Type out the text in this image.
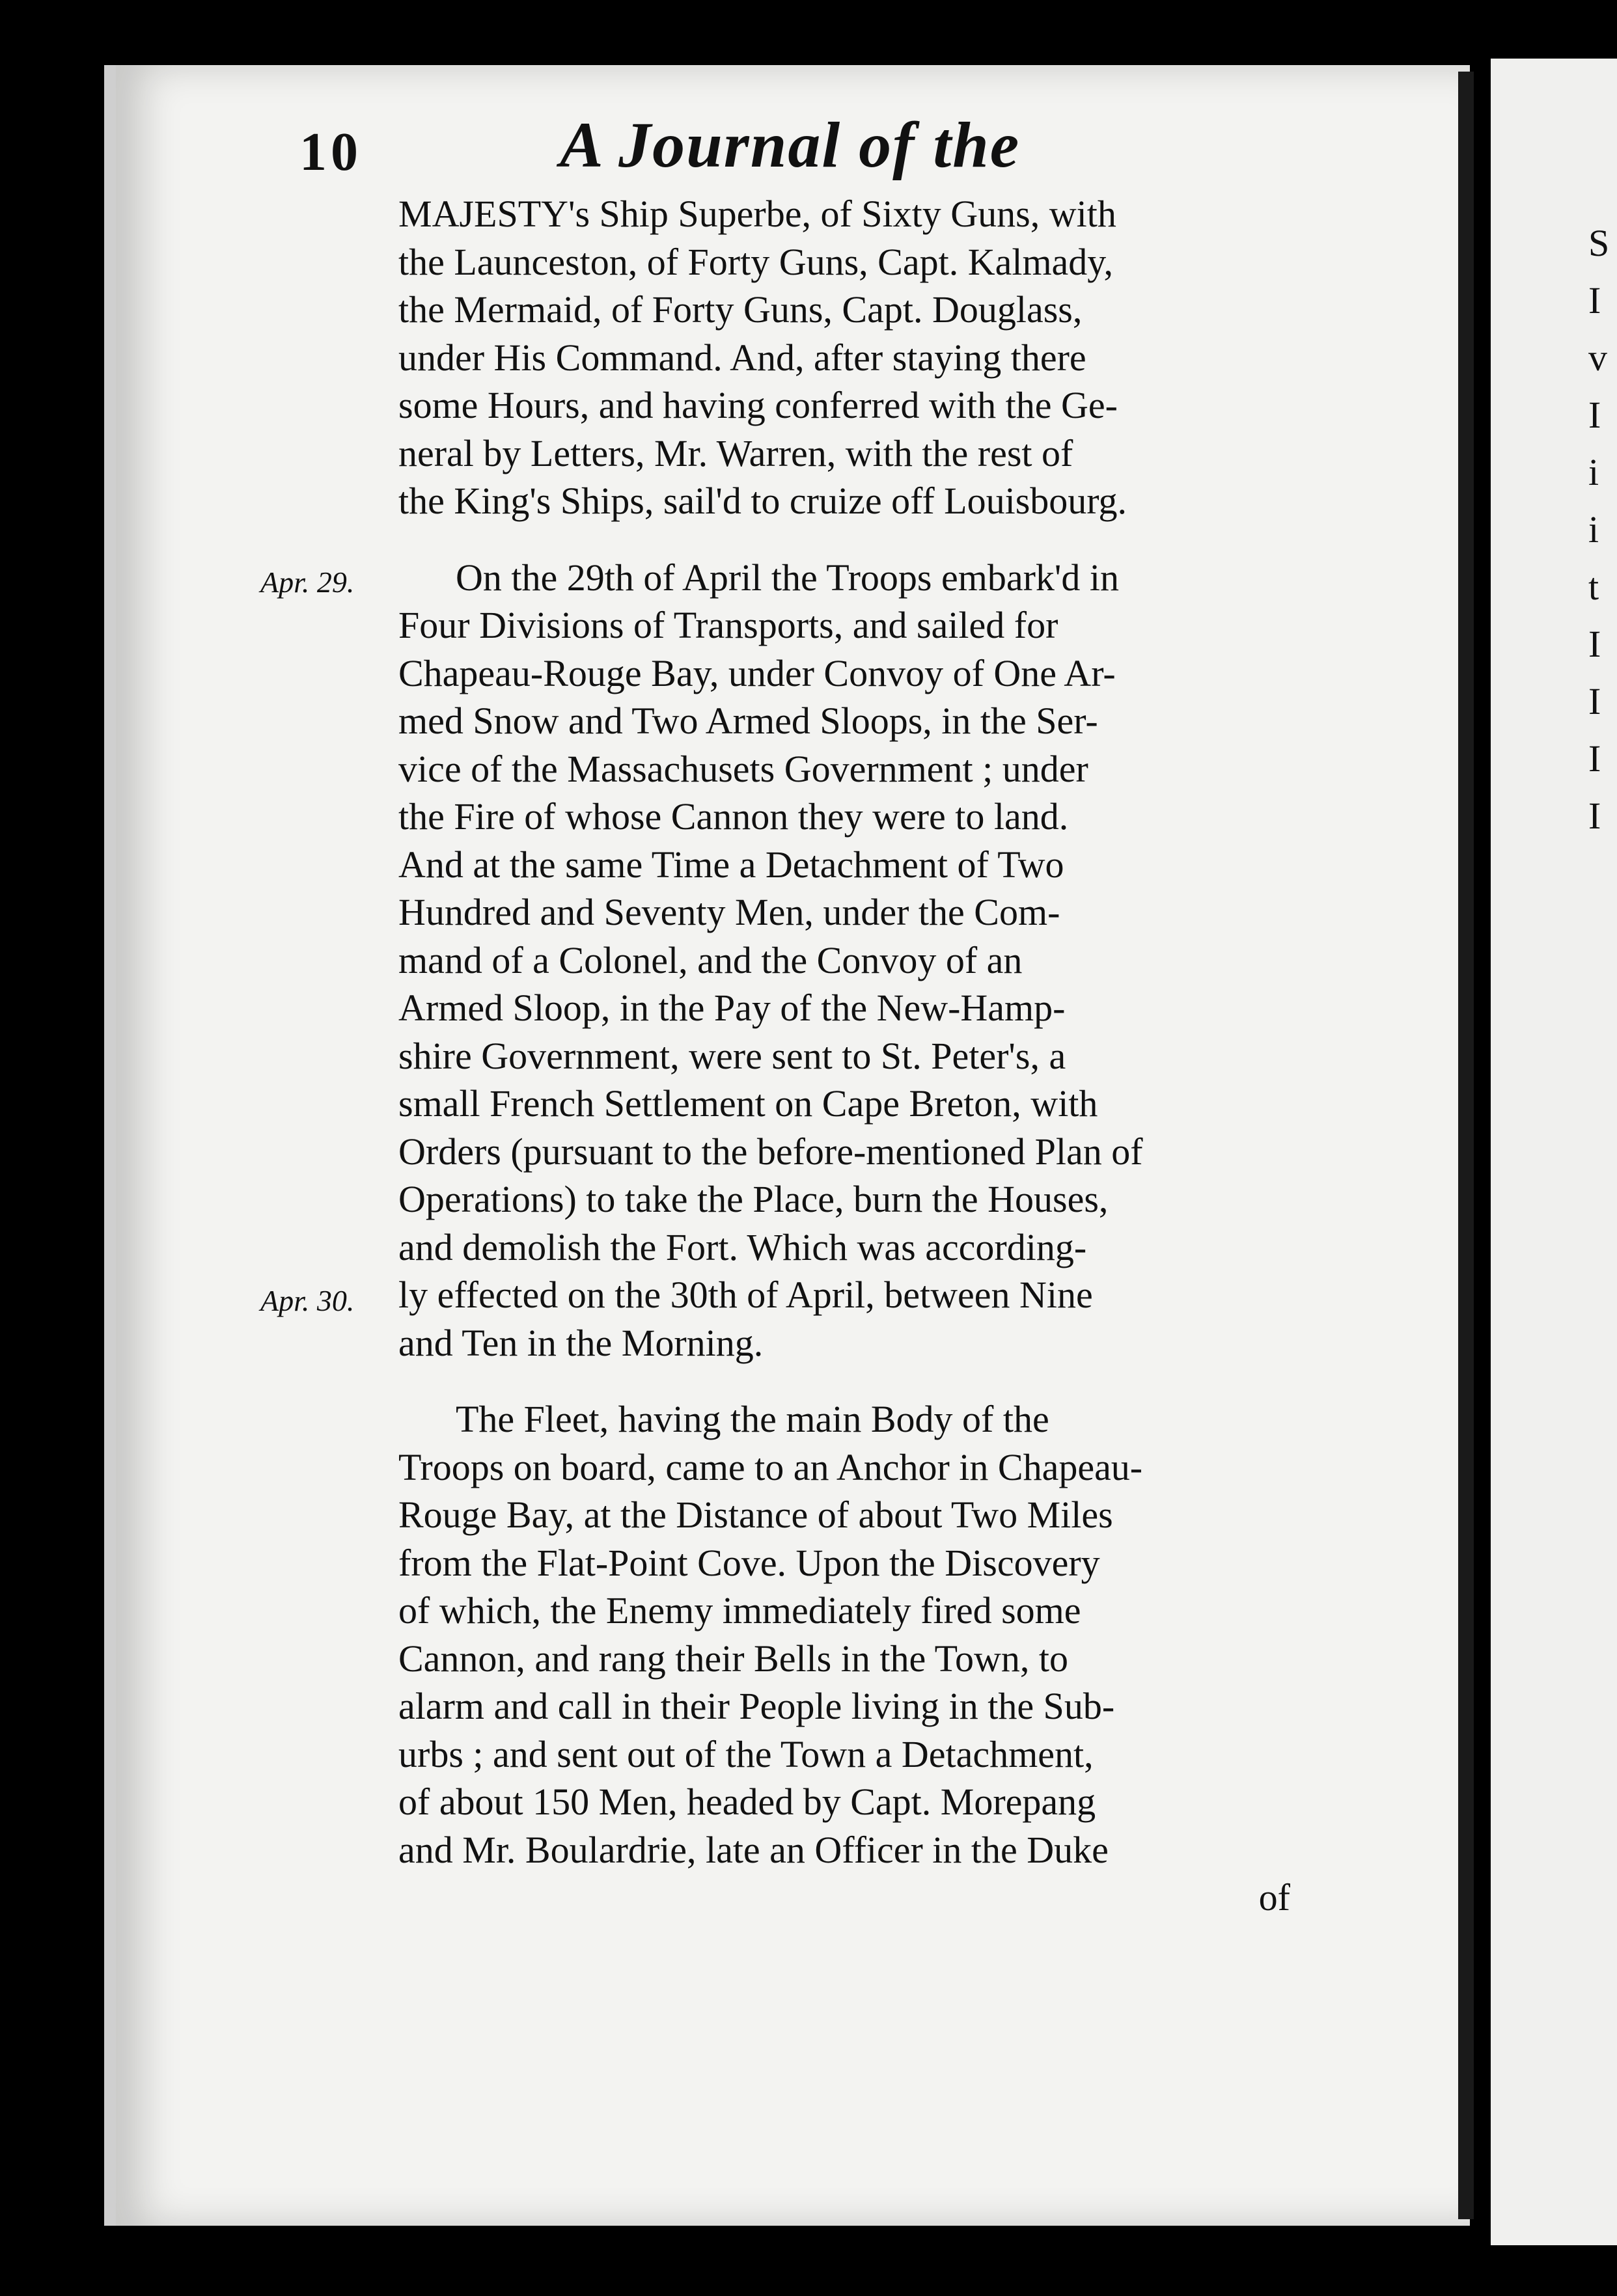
S
I
v
I
i
i
t
I
I
I
I
10	A Journal of the
Apr. 29.
Apr. 30.
MAJESTY's Ship Superbe, of Sixty Guns, with
the Launceston, of Forty Guns, Capt. Kalmady,
the Mermaid, of Forty Guns, Capt. Douglass,
under His Command. And, after staying there
some Hours, and having conferred with the Ge-
neral by Letters, Mr. Warren, with the rest of
the King's Ships, sail'd to cruize off Louisbourg.
On the 29th of April the Troops embark'd in
Four Divisions of Transports, and sailed for
Chapeau-Rouge Bay, under Convoy of One Ar-
med Snow and Two Armed Sloops, in the Ser-
vice of the Massachusets Government ; under
the Fire of whose Cannon they were to land.
And at the same Time a Detachment of Two
Hundred and Seventy Men, under the Com-
mand of a Colonel, and the Convoy of an
Armed Sloop, in the Pay of the New-Hamp-
shire Government, were sent to St. Peter's, a
small French Settlement on Cape Breton, with
Orders (pursuant to the before-mentioned Plan of
Operations) to take the Place, burn the Houses,
and demolish the Fort. Which was according-
ly effected on the 30th of April, between Nine
and Ten in the Morning.
The Fleet, having the main Body of the
Troops on board, came to an Anchor in Chapeau-
Rouge Bay, at the Distance of about Two Miles
from the Flat-Point Cove. Upon the Discovery
of which, the Enemy immediately fired some
Cannon, and rang their Bells in the Town, to
alarm and call in their People living in the Sub-
urbs ; and sent out of the Town a Detachment,
of about 150 Men, headed by Capt. Morepang
and Mr. Boulardrie, late an Officer in the Duke
of
